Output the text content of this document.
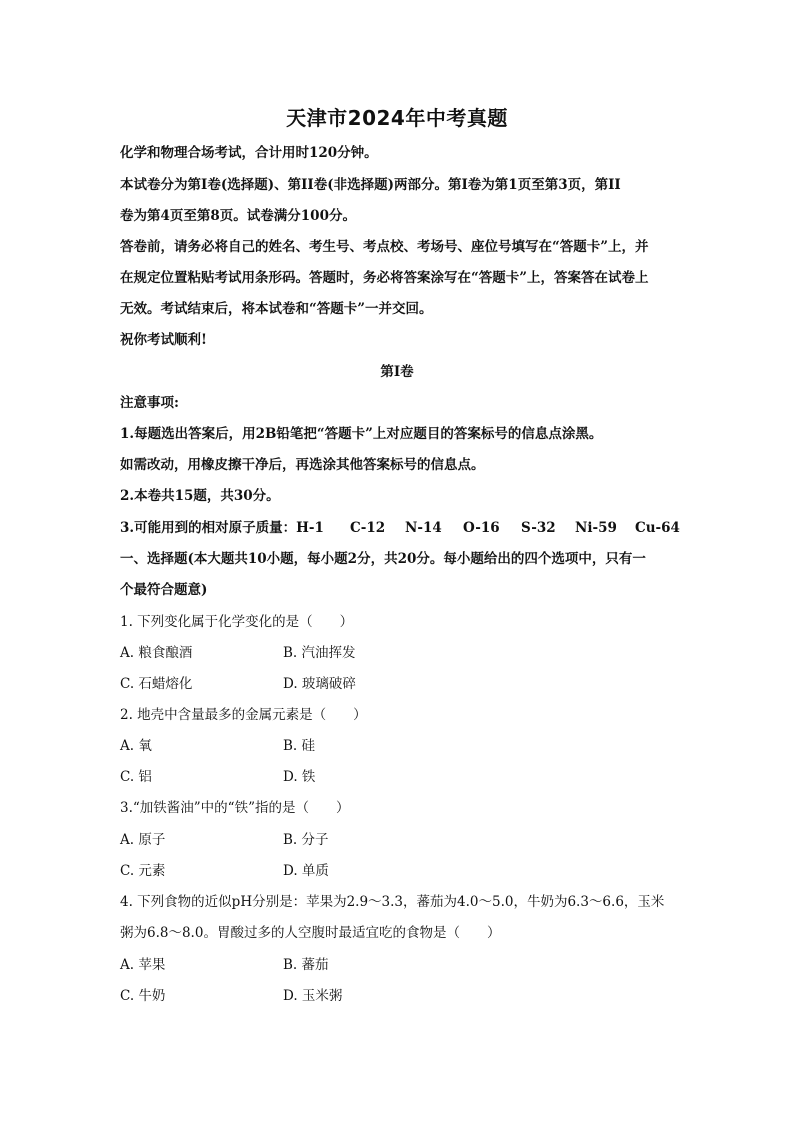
天津市2024年中考真题
化学和物理合场考试，合计用时120分钟。
本试卷分为第I卷(选择题)、第II卷(非选择题)两部分。第I卷为第1页至第3页，第II
卷为第4页至第8页。试卷满分100分。
答卷前，请务必将自己的姓名、考生号、考点校、考场号、座位号填写在“答题卡”上，并
在规定位置粘贴考试用条形码。答题时，务必将答案涂写在“答题卡”上，答案答在试卷上
无效。考试结束后，将本试卷和“答题卡”一并交回。
祝你考试顺利!
第I卷
注意事项:
1.每题选出答案后，用2B铅笔把“答题卡”上对应题目的答案标号的信息点涂黑。
如需改动，用橡皮擦干净后，再选涂其他答案标号的信息点。
2.本卷共15题，共30分。
3.可能用到的相对原子质量：H-1 C-12 N-14 O-16 S-32 Ni-59 Cu-64
一、选择题(本大题共10小题，每小题2分，共20分。每小题给出的四个选项中，只有一
个最符合题意)
1. 下列变化属于化学变化的是（　　）
A. 粮食酿酒	B. 汽油挥发
C. 石蜡熔化	D. 玻璃破碎
2. 地壳中含量最多的金属元素是（　　）
A. 氧	B. 硅
C. 铝	D. 铁
3.“加铁酱油”中的“铁”指的是（　　）
A. 原子	B. 分子
C. 元素	D. 单质
4. 下列食物的近似pH分别是：苹果为2.9～3.3，蕃茄为4.0～5.0，牛奶为6.3～6.6，玉米
粥为6.8～8.0。胃酸过多的人空腹时最适宜吃的食物是（　　）
A. 苹果	B. 蕃茄
C. 牛奶	D. 玉米粥
